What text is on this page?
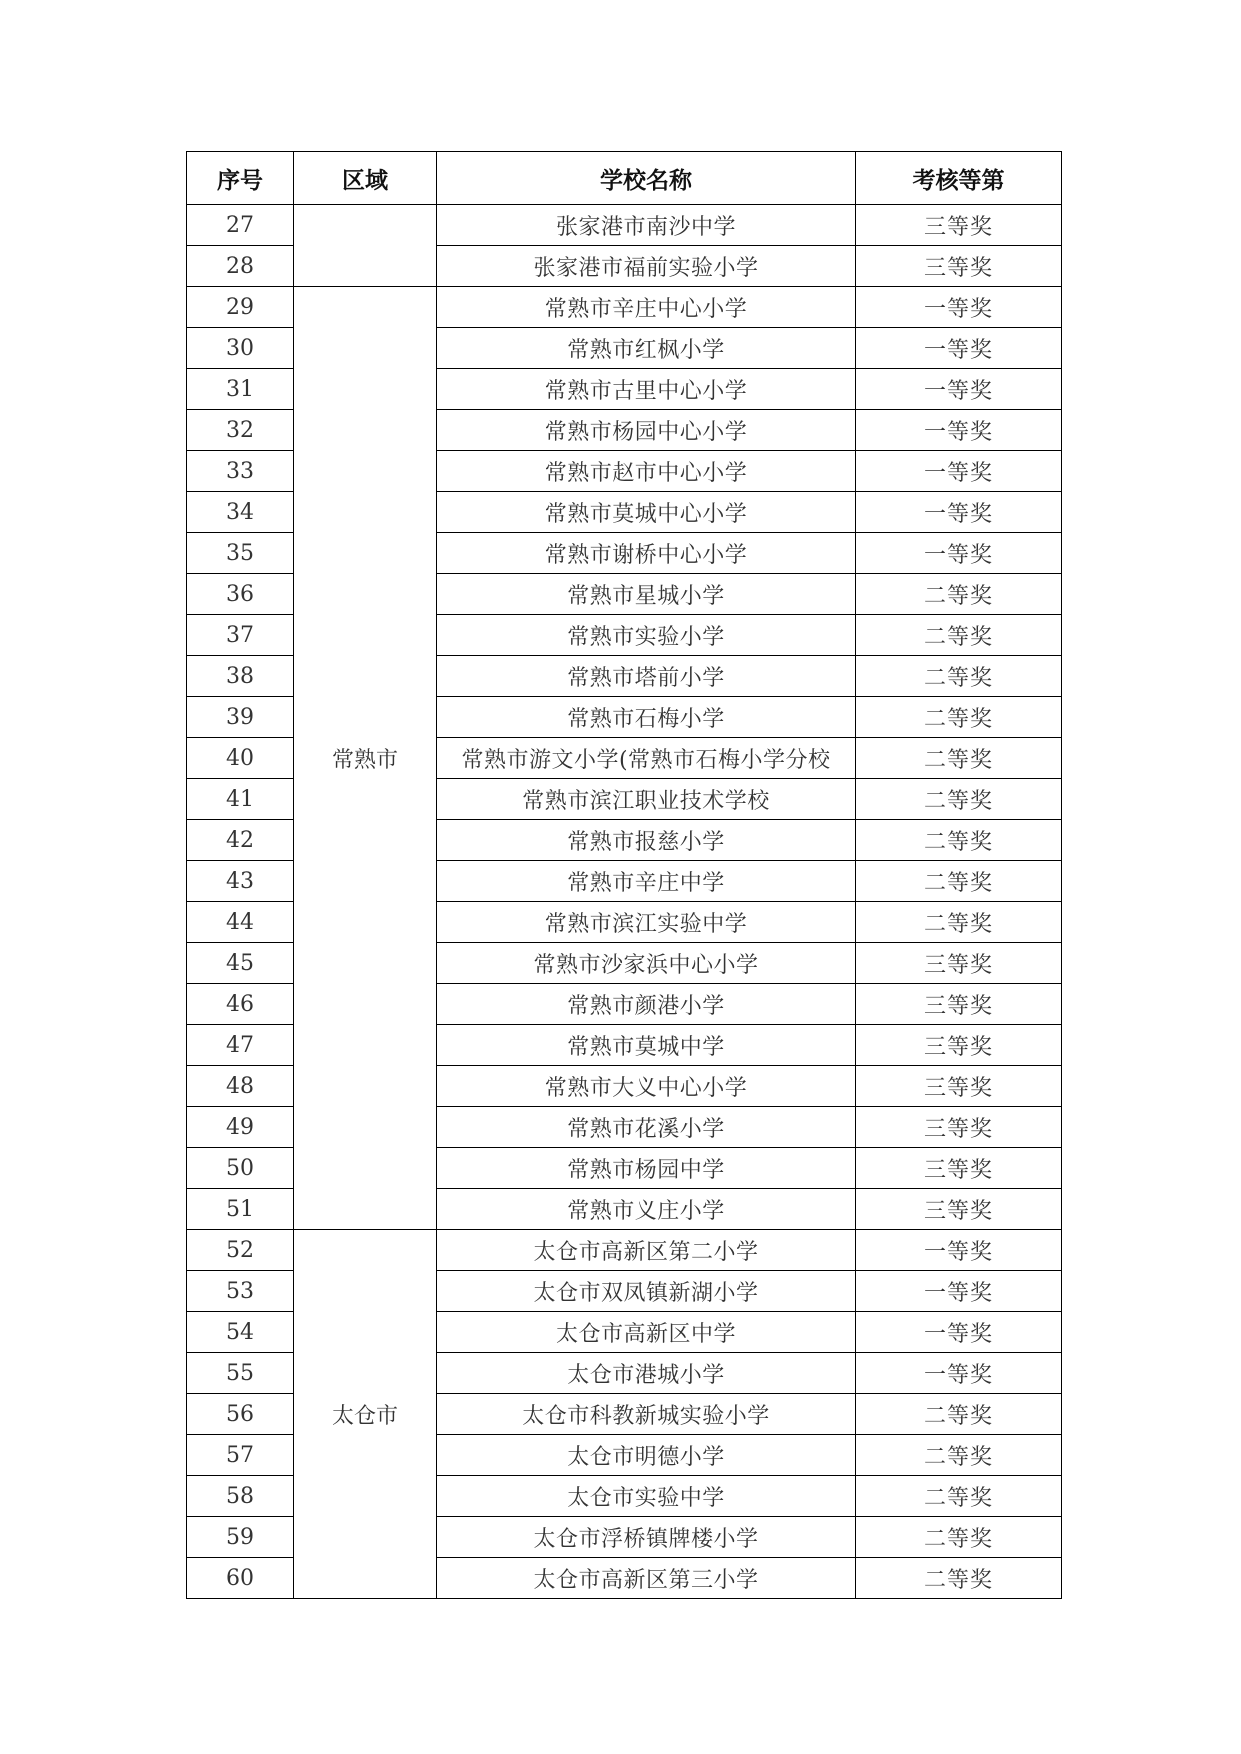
序号	区域	学校名称	考核等第
27		张家港市南沙中学	三等奖
28		张家港市福前实验小学	三等奖
29	常熟市	常熟市辛庄中心小学	一等奖
30		常熟市红枫小学	一等奖
31		常熟市古里中心小学	一等奖
32		常熟市杨园中心小学	一等奖
33		常熟市赵市中心小学	一等奖
34		常熟市莫城中心小学	一等奖
35		常熟市谢桥中心小学	一等奖
36		常熟市星城小学	二等奖
37		常熟市实验小学	二等奖
38		常熟市塔前小学	二等奖
39		常熟市石梅小学	二等奖
40		常熟市游文小学(常熟市石梅小学分校	二等奖
41		常熟市滨江职业技术学校	二等奖
42		常熟市报慈小学	二等奖
43		常熟市辛庄中学	二等奖
44		常熟市滨江实验中学	二等奖
45		常熟市沙家浜中心小学	三等奖
46		常熟市颜港小学	三等奖
47		常熟市莫城中学	三等奖
48		常熟市大义中心小学	三等奖
49		常熟市花溪小学	三等奖
50		常熟市杨园中学	三等奖
51		常熟市义庄小学	三等奖
52	太仓市	太仓市高新区第二小学	一等奖
53		太仓市双凤镇新湖小学	一等奖
54		太仓市高新区中学	一等奖
55		太仓市港城小学	一等奖
56		太仓市科教新城实验小学	二等奖
57		太仓市明德小学	二等奖
58		太仓市实验中学	二等奖
59		太仓市浮桥镇牌楼小学	二等奖
60		太仓市高新区第三小学	二等奖
